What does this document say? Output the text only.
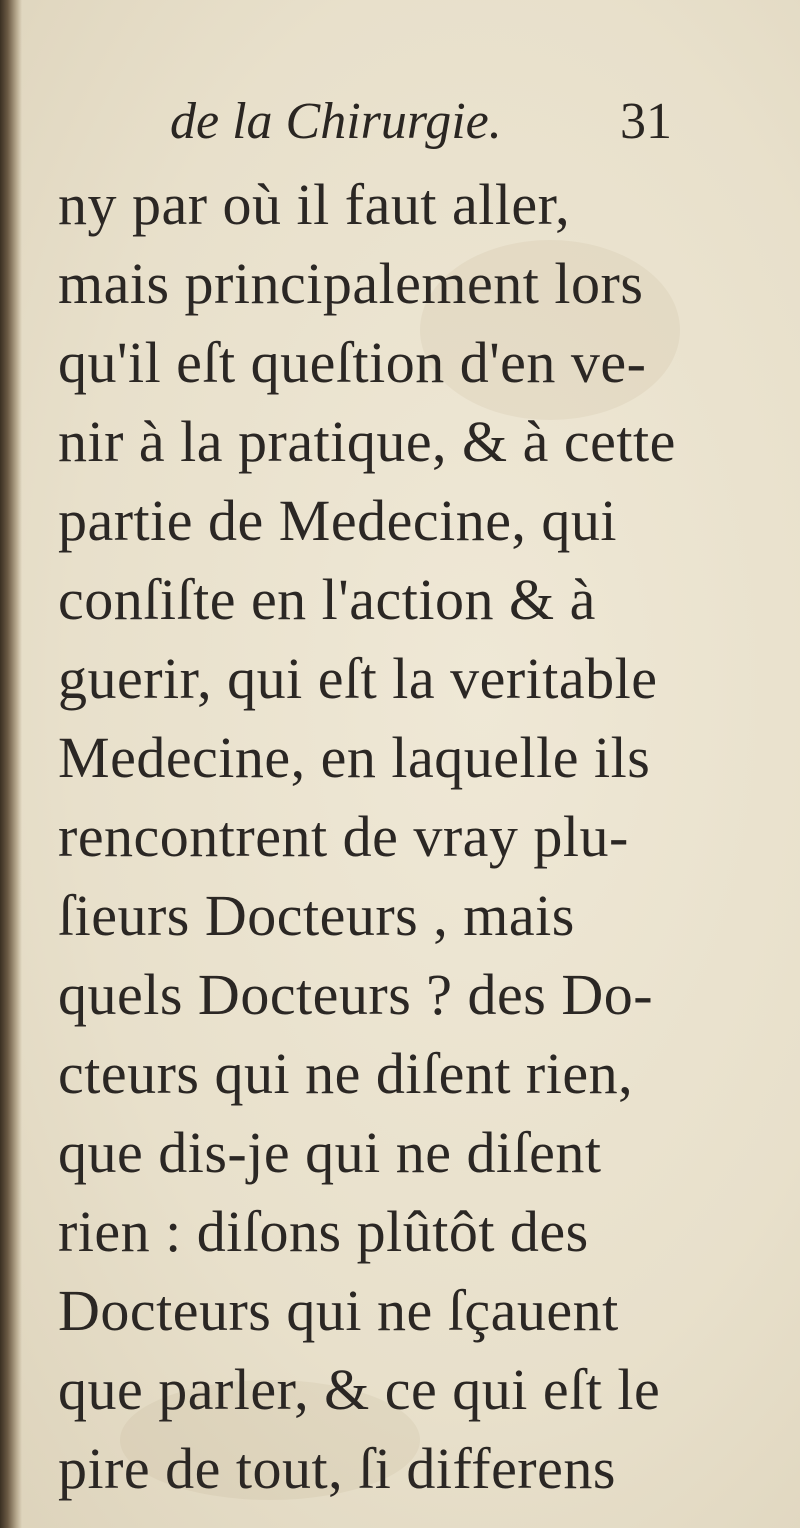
de la Chirurgie. 31
ny par où il faut aller,
mais principalement lors
qu'il eſt queſtion d'en ve-
nir à la pratique, & à cette
partie de Medecine, qui
conſiſte en l'action & à
guerir, qui eſt la veritable
Medecine, en laquelle ils
rencontrent de vray plu-
ſieurs Docteurs , mais
quels Docteurs ? des Do-
cteurs qui ne diſent rien,
que dis-je qui ne diſent
rien : diſons plûtôt des
Docteurs qui ne ſçauent
que parler, & ce qui eſt le
pire de tout, ſi differens
